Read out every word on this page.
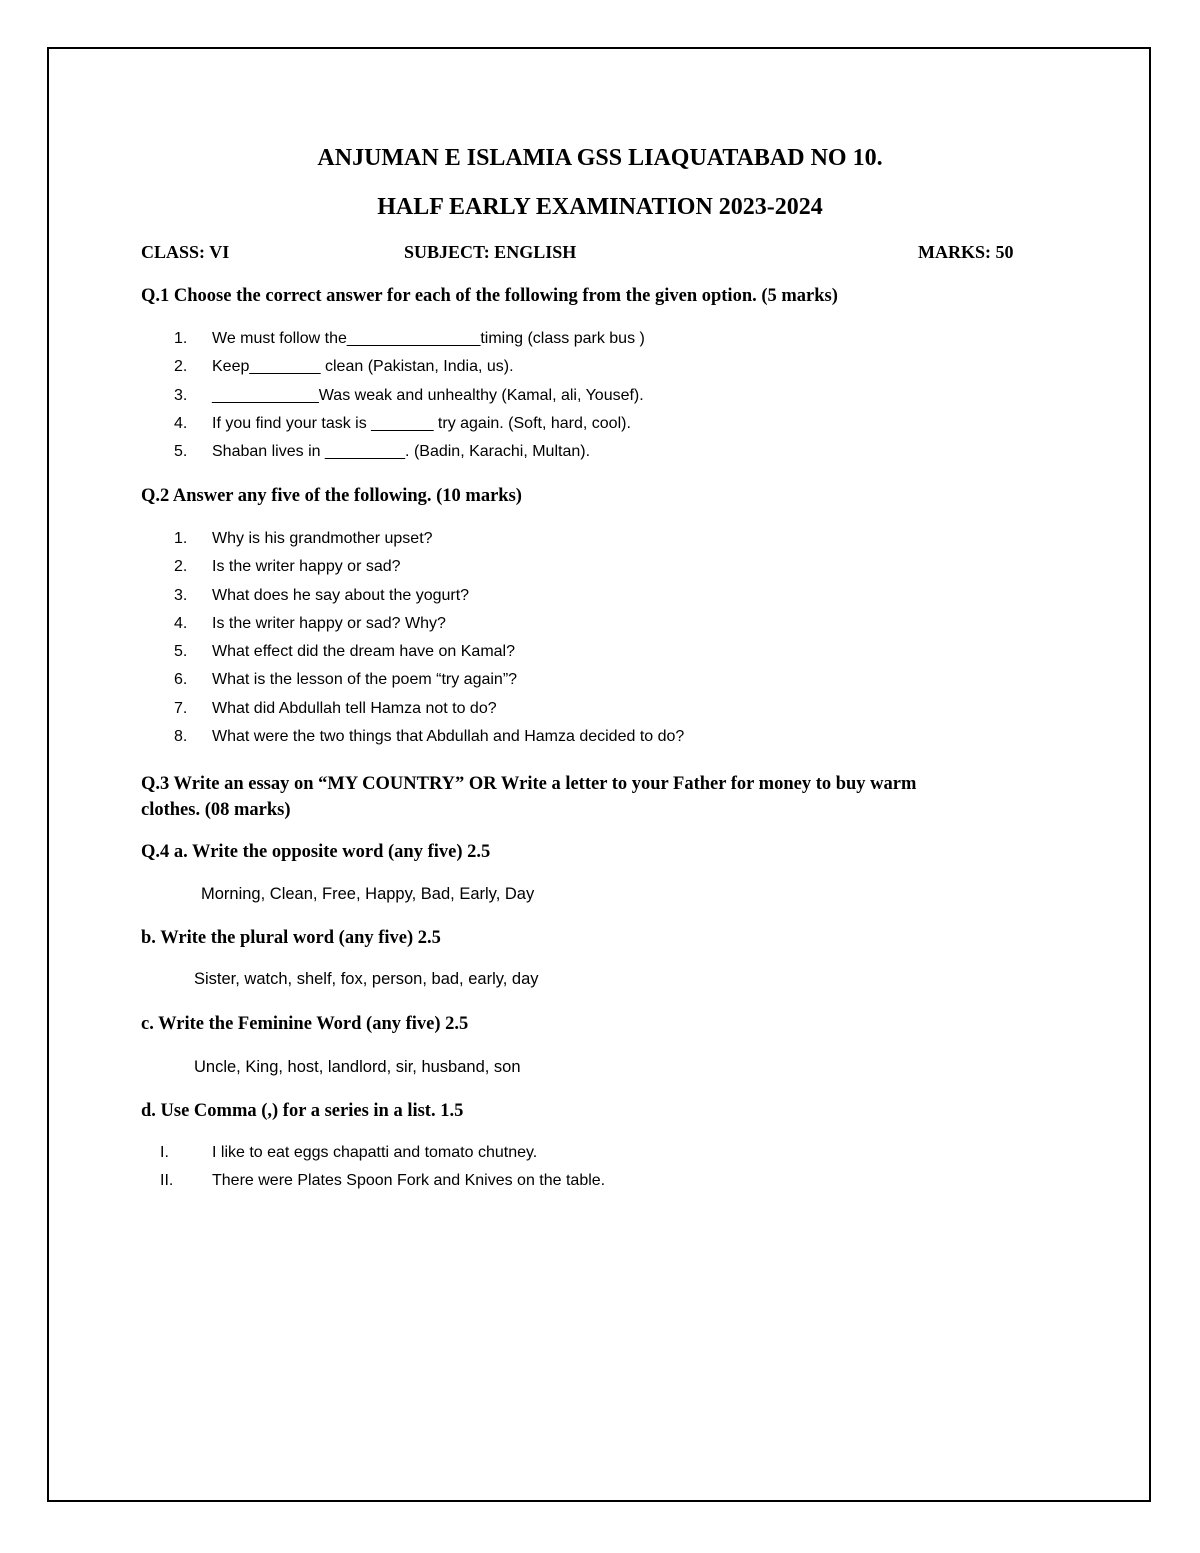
ANJUMAN E ISLAMIA GSS LIAQUATABAD NO 10.
HALF EARLY EXAMINATION 2023-2024
CLASS: VI	SUBJECT: ENGLISH	MARKS: 50
Q.1 Choose the correct answer for each of the following from the given option. (5 marks)
1. We must follow the_______________timing (class park bus )
2. Keep________ clean (Pakistan, India, us).
3. ____________Was weak and unhealthy (Kamal, ali, Yousef).
4. If you find your task is _______ try again. (Soft, hard, cool).
5. Shaban lives in _________. (Badin, Karachi, Multan).
Q.2 Answer any five of the following. (10 marks)
1. Why is his grandmother upset?
2. Is the writer happy or sad?
3. What does he say about the yogurt?
4. Is the writer happy or sad? Why?
5. What effect did the dream have on Kamal?
6. What is the lesson of the poem “try again”?
7. What did Abdullah tell Hamza not to do?
8. What were the two things that Abdullah and Hamza decided to do?
Q.3 Write an essay on “MY COUNTRY” OR Write a letter to your Father for money to buy warm
clothes. (08 marks)
Q.4 a. Write the opposite word (any five) 2.5
Morning, Clean, Free, Happy, Bad, Early, Day
b. Write the plural word (any five) 2.5
Sister, watch, shelf, fox, person, bad, early, day
c. Write the Feminine Word (any five) 2.5
Uncle, King, host, landlord, sir, husband, son
d. Use Comma (,) for a series in a list. 1.5
I.	I like to eat eggs chapatti and tomato chutney.
II. There were Plates Spoon Fork and Knives on the table.
